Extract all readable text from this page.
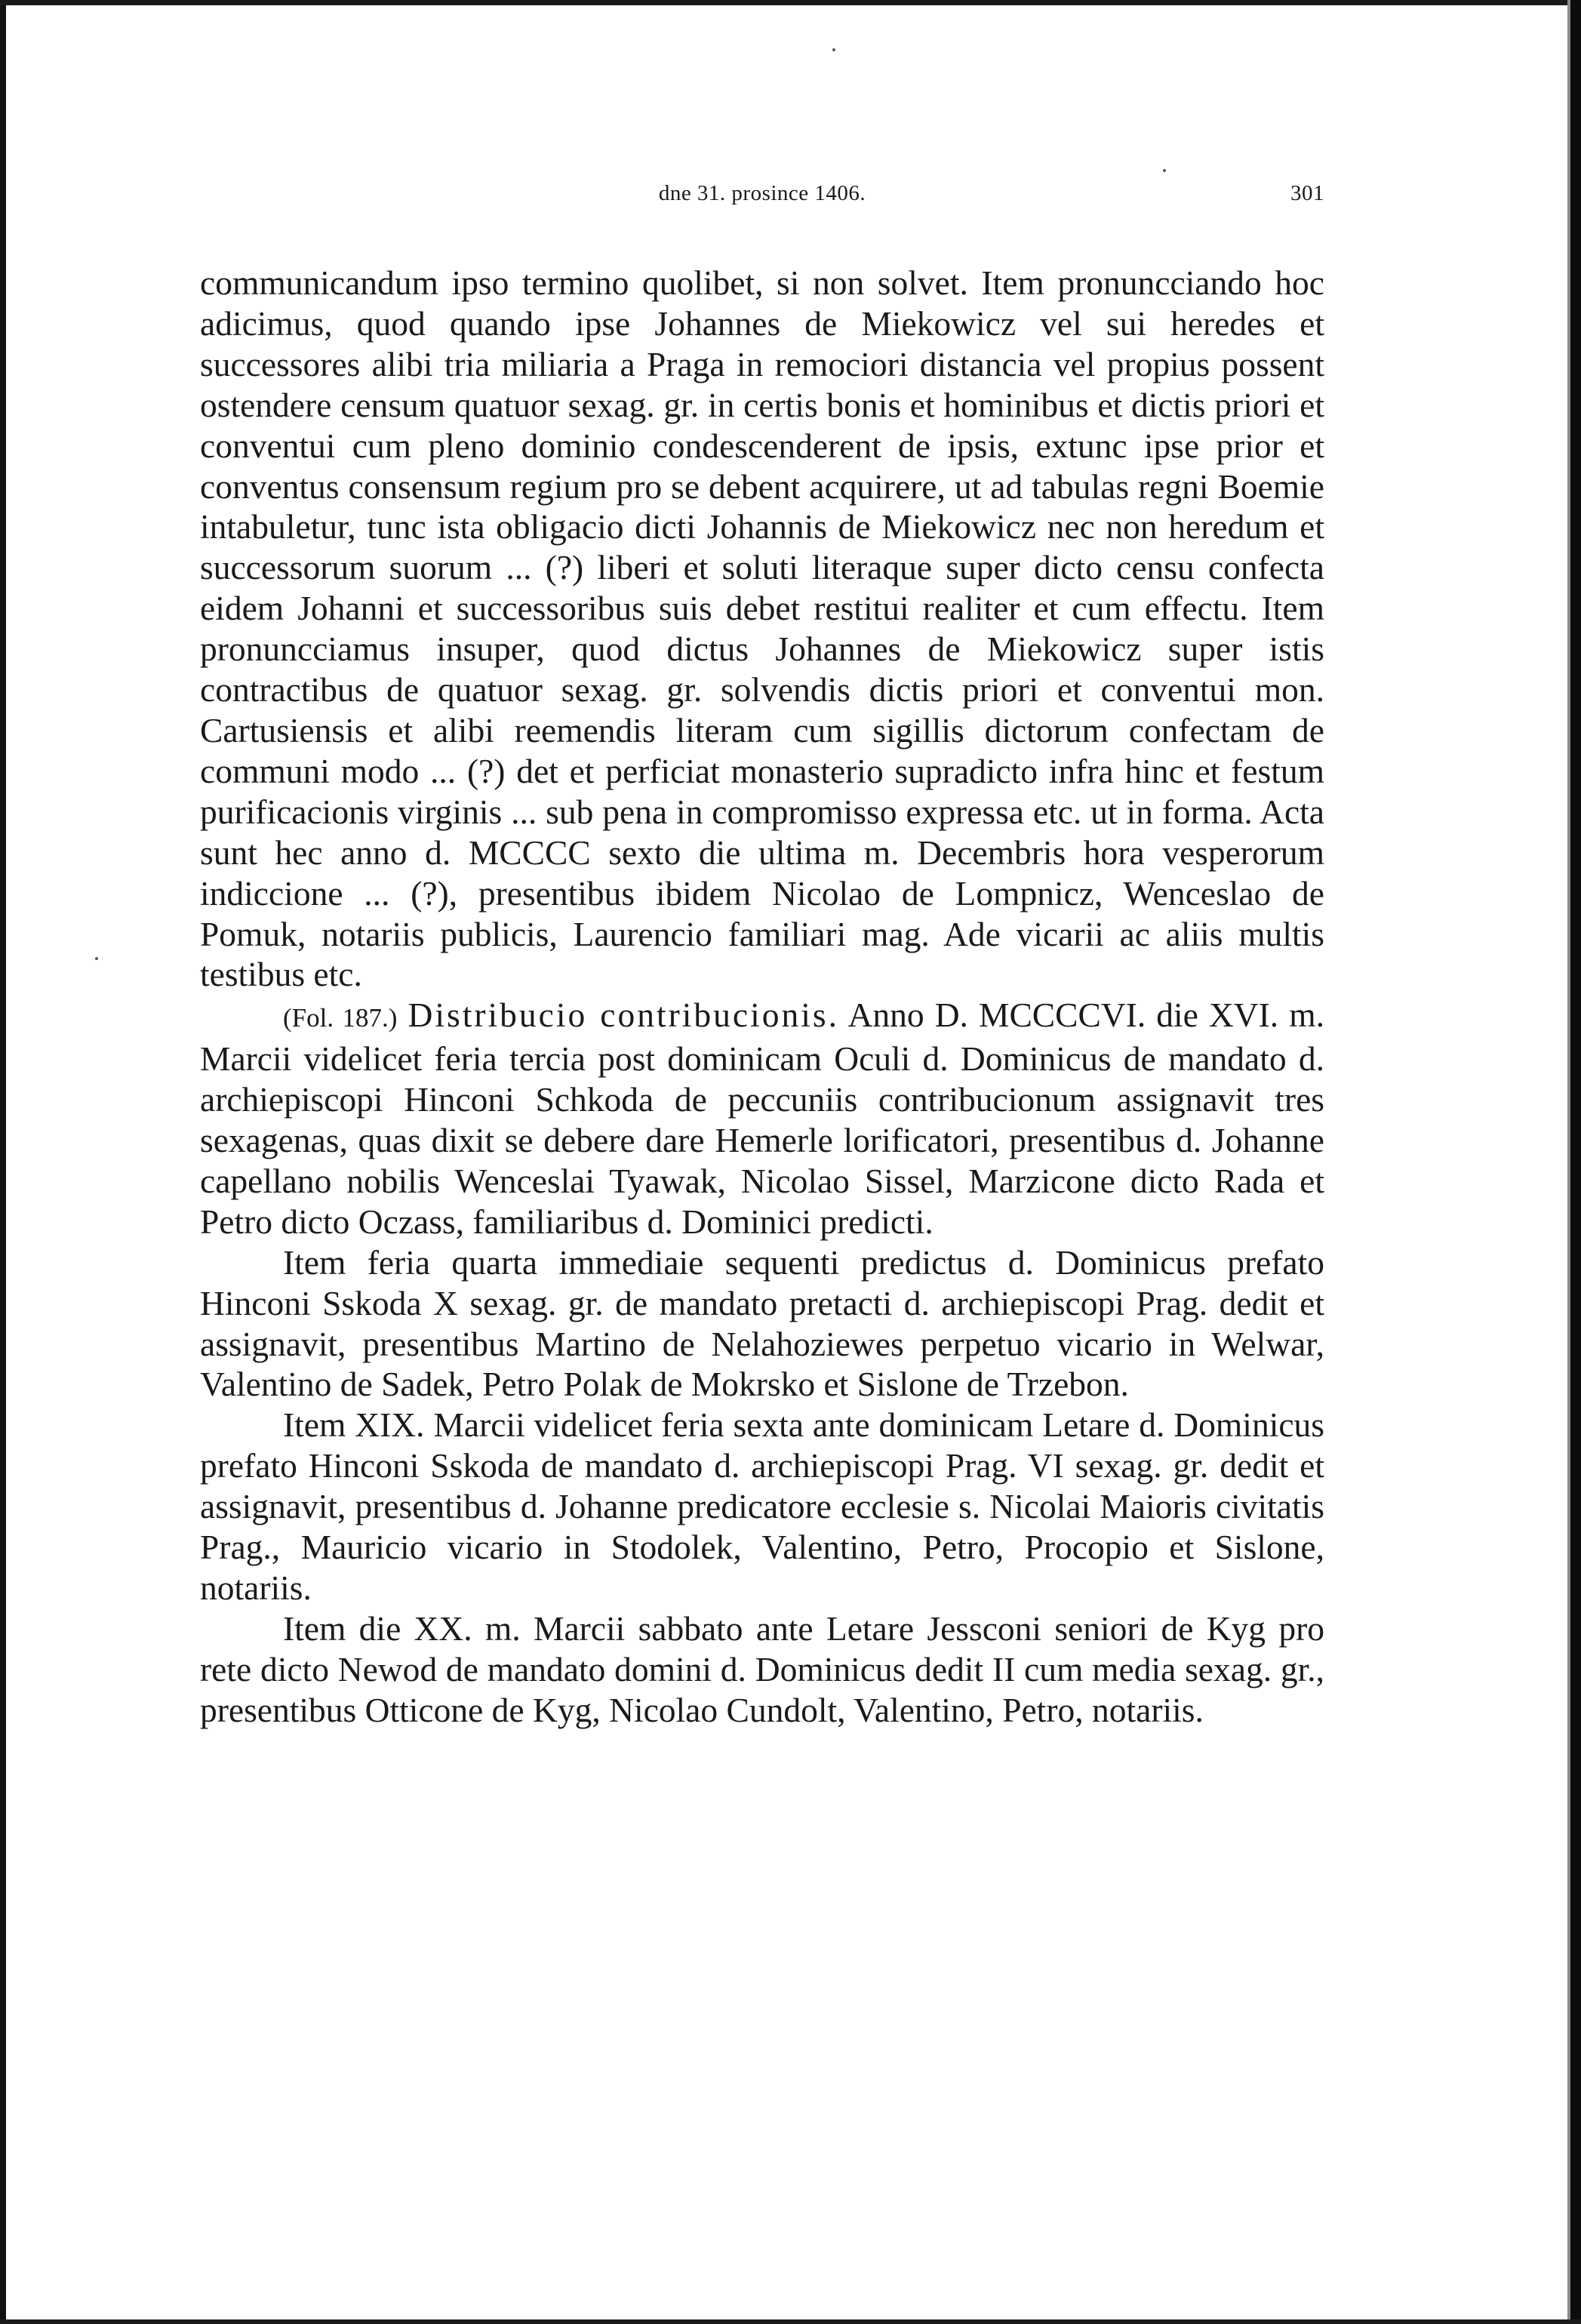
dne 31. prosince 1406.	301

communicandum ipso termino quolibet, si non solvet. Item pronuncciando hoc adicimus, quod quando ipse Johannes de Miekowicz vel sui heredes et successores alibi tria miliaria a Praga in remociori distancia vel propius possent ostendere censum quatuor sexag. gr. in certis bonis et hominibus et dictis priori et conventui cum pleno dominio condescenderent de ipsis, extunc ipse prior et conventus consensum regium pro se debent acquirere, ut ad tabulas regni Boemie intabuletur, tunc ista obligacio dicti Johannis de Miekowicz nec non heredum et successorum suorum ... (?) liberi et soluti literaque super dicto censu confecta eidem Johanni et successoribus suis debet restitui realiter et cum effectu. Item pronuncciamus insuper, quod dictus Johannes de Miekowicz super istis contractibus de quatuor sexag. gr. solvendis dictis priori et conventui mon. Cartusiensis et alibi reemendis literam cum sigillis dictorum confectam de communi modo ... (?) det et perficiat monasterio supradicto infra hinc et festum purificacionis virginis ... sub pena in compromisso expressa etc. ut in forma. Acta sunt hec anno d. MCCCC sexto die ultima m. Decembris hora vesperorum indiccione ... (?), presentibus ibidem Nicolao de Lompnicz, Wenceslao de Pomuk, notariis publicis, Laurencio familiari mag. Ade vicarii ac aliis multis testibus etc.

(Fol. 187.) Distribucio contribucionis. Anno D. MCCCCVI. die XVI. m. Marcii videlicet feria tercia post dominicam Oculi d. Dominicus de mandato d. archiepiscopi Hinconi Schkoda de peccuniis contribucionum assignavit tres sexagenas, quas dixit se debere dare Hemerle lorificatori, presentibus d. Johanne capellano nobilis Wenceslai Tyawak, Nicolao Sissel, Marzicone dicto Rada et Petro dicto Oczass, familiaribus d. Dominici predicti.

Item feria quarta immediaie sequenti predictus d. Dominicus prefato Hinconi Sskoda X sexag. gr. de mandato pretacti d. archiepiscopi Prag. dedit et assignavit, presentibus Martino de Nelahoziewes perpetuo vicario in Welwar, Valentino de Sadek, Petro Polak de Mokrsko et Sislone de Trzebon.

Item XIX. Marcii videlicet feria sexta ante dominicam Letare d. Dominicus prefato Hinconi Sskoda de mandato d. archiepiscopi Prag. VI sexag. gr. dedit et assignavit, presentibus d. Johanne predicatore ecclesie s. Nicolai Maioris civitatis Prag., Mauricio vicario in Stodolek, Valentino, Petro, Procopio et Sislone, notariis.

Item die XX. m. Marcii sabbato ante Letare Jessconi seniori de Kyg pro rete dicto Newod de mandato domini d. Dominicus dedit II cum media sexag. gr., presentibus Otticone de Kyg, Nicolao Cundolt, Valentino, Petro, notariis.
